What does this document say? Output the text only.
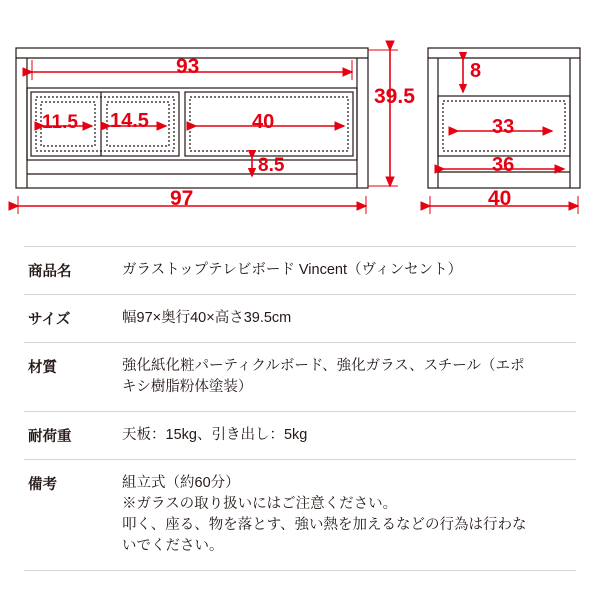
93
11.5 14.5	40
8.5
39.5
97
8
33
36
40
商品名	ガラストップテレビボード Vincent（ヴィンセント）

サイズ	幅97×奥行40×高さ39.5cm

材質	強化紙化粧パーティクルボード、強化ガラス、スチール（エポ
キシ樹脂粉体塗装）

耐荷重	天板：15kg、引き出し：5kg

備考	組立式（約60分）
※ガラスの取り扱いにはご注意ください。
叩く、座る、物を落とす、強い熱を加えるなどの行為は行わな
いでください。
